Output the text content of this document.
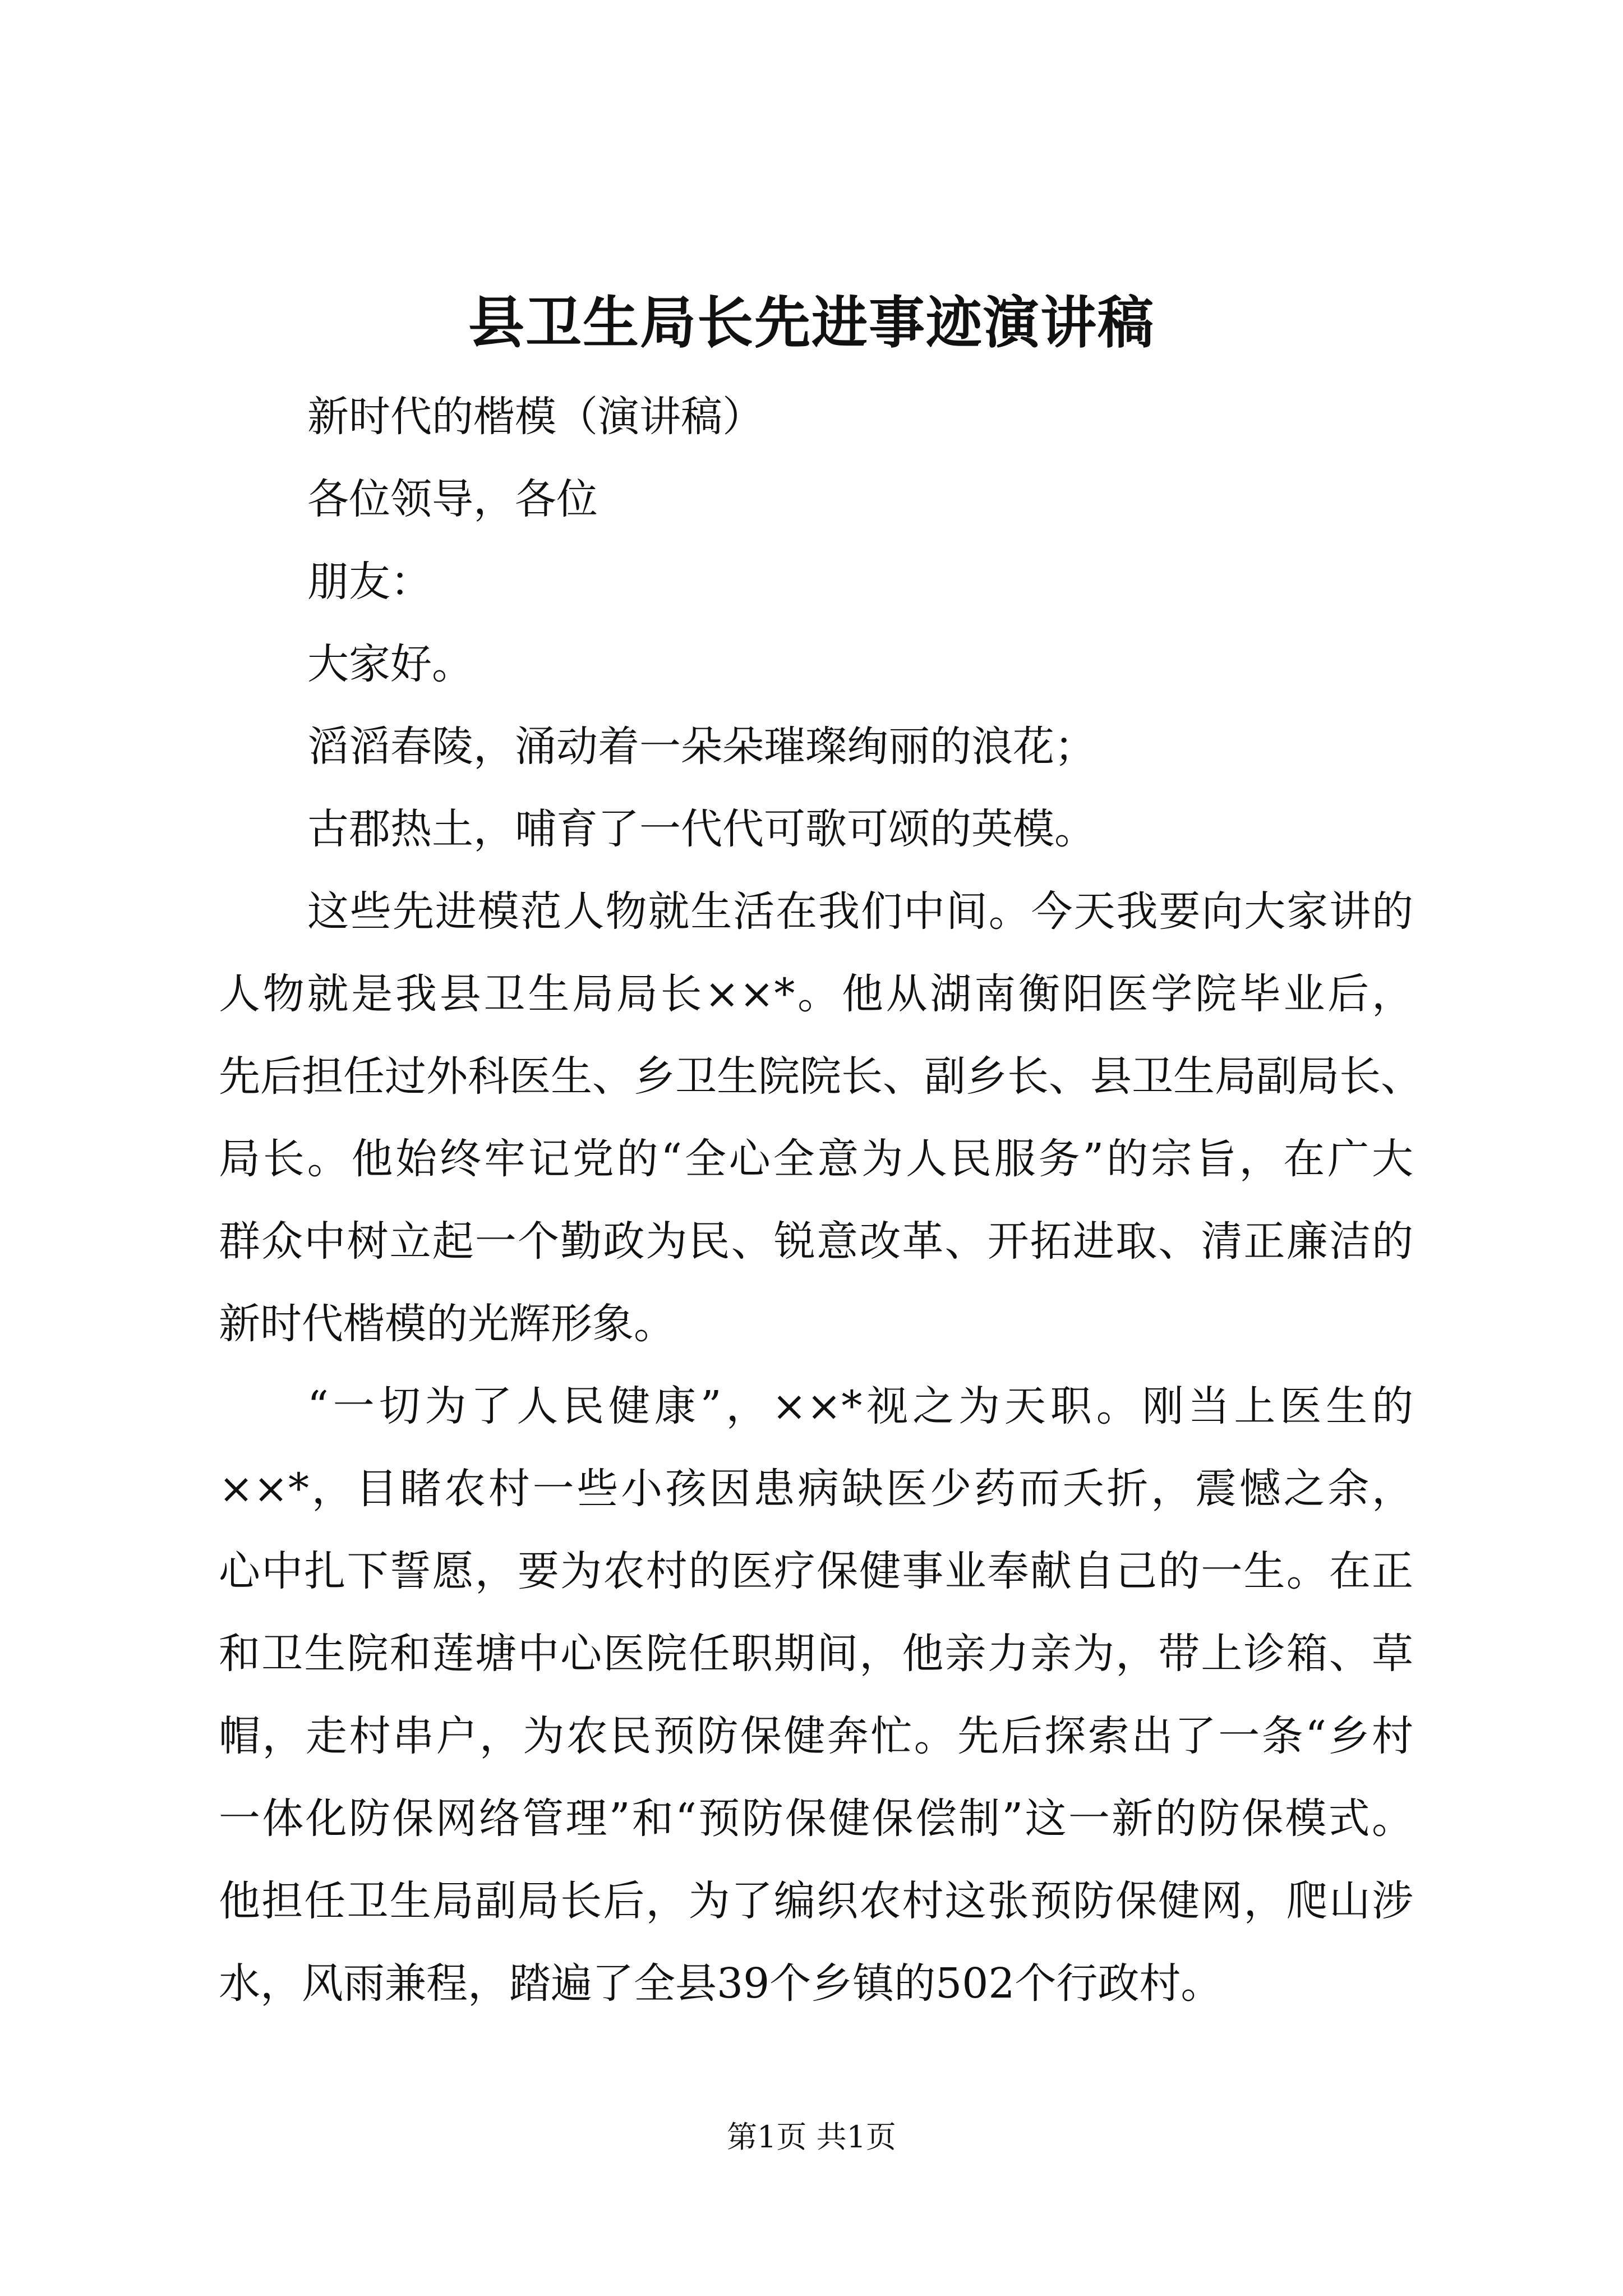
县卫生局长先进事迹演讲稿

新时代的楷模（演讲稿）

各位领导，各位

朋友：

大家好。

滔滔春陵，涌动着一朵朵璀璨绚丽的浪花；

古郡热土，哺育了一代代可歌可颂的英模。

这些先进模范人物就生活在我们中间。今天我要向大家讲的

人物就是我县卫生局局长××*。他从湖南衡阳医学院毕业后，

先后担任过外科医生、乡卫生院院长、副乡长、县卫生局副局长、

局长。他始终牢记党的“全心全意为人民服务”的宗旨，在广大

群众中树立起一个勤政为民、锐意改革、开拓进取、清正廉洁的

新时代楷模的光辉形象。

“一切为了人民健康”，××*视之为天职。刚当上医生的

××*，目睹农村一些小孩因患病缺医少药而夭折，震憾之余，

心中扎下誓愿，要为农村的医疗保健事业奉献自己的一生。在正

和卫生院和莲塘中心医院任职期间，他亲力亲为，带上诊箱、草

帽，走村串户，为农民预防保健奔忙。先后探索出了一条“乡村

一体化防保网络管理”和“预防保健保偿制”这一新的防保模式。

他担任卫生局副局长后，为了编织农村这张预防保健网，爬山涉

水，风雨兼程，踏遍了全县39个乡镇的502个行政村。

第1页 共1页
